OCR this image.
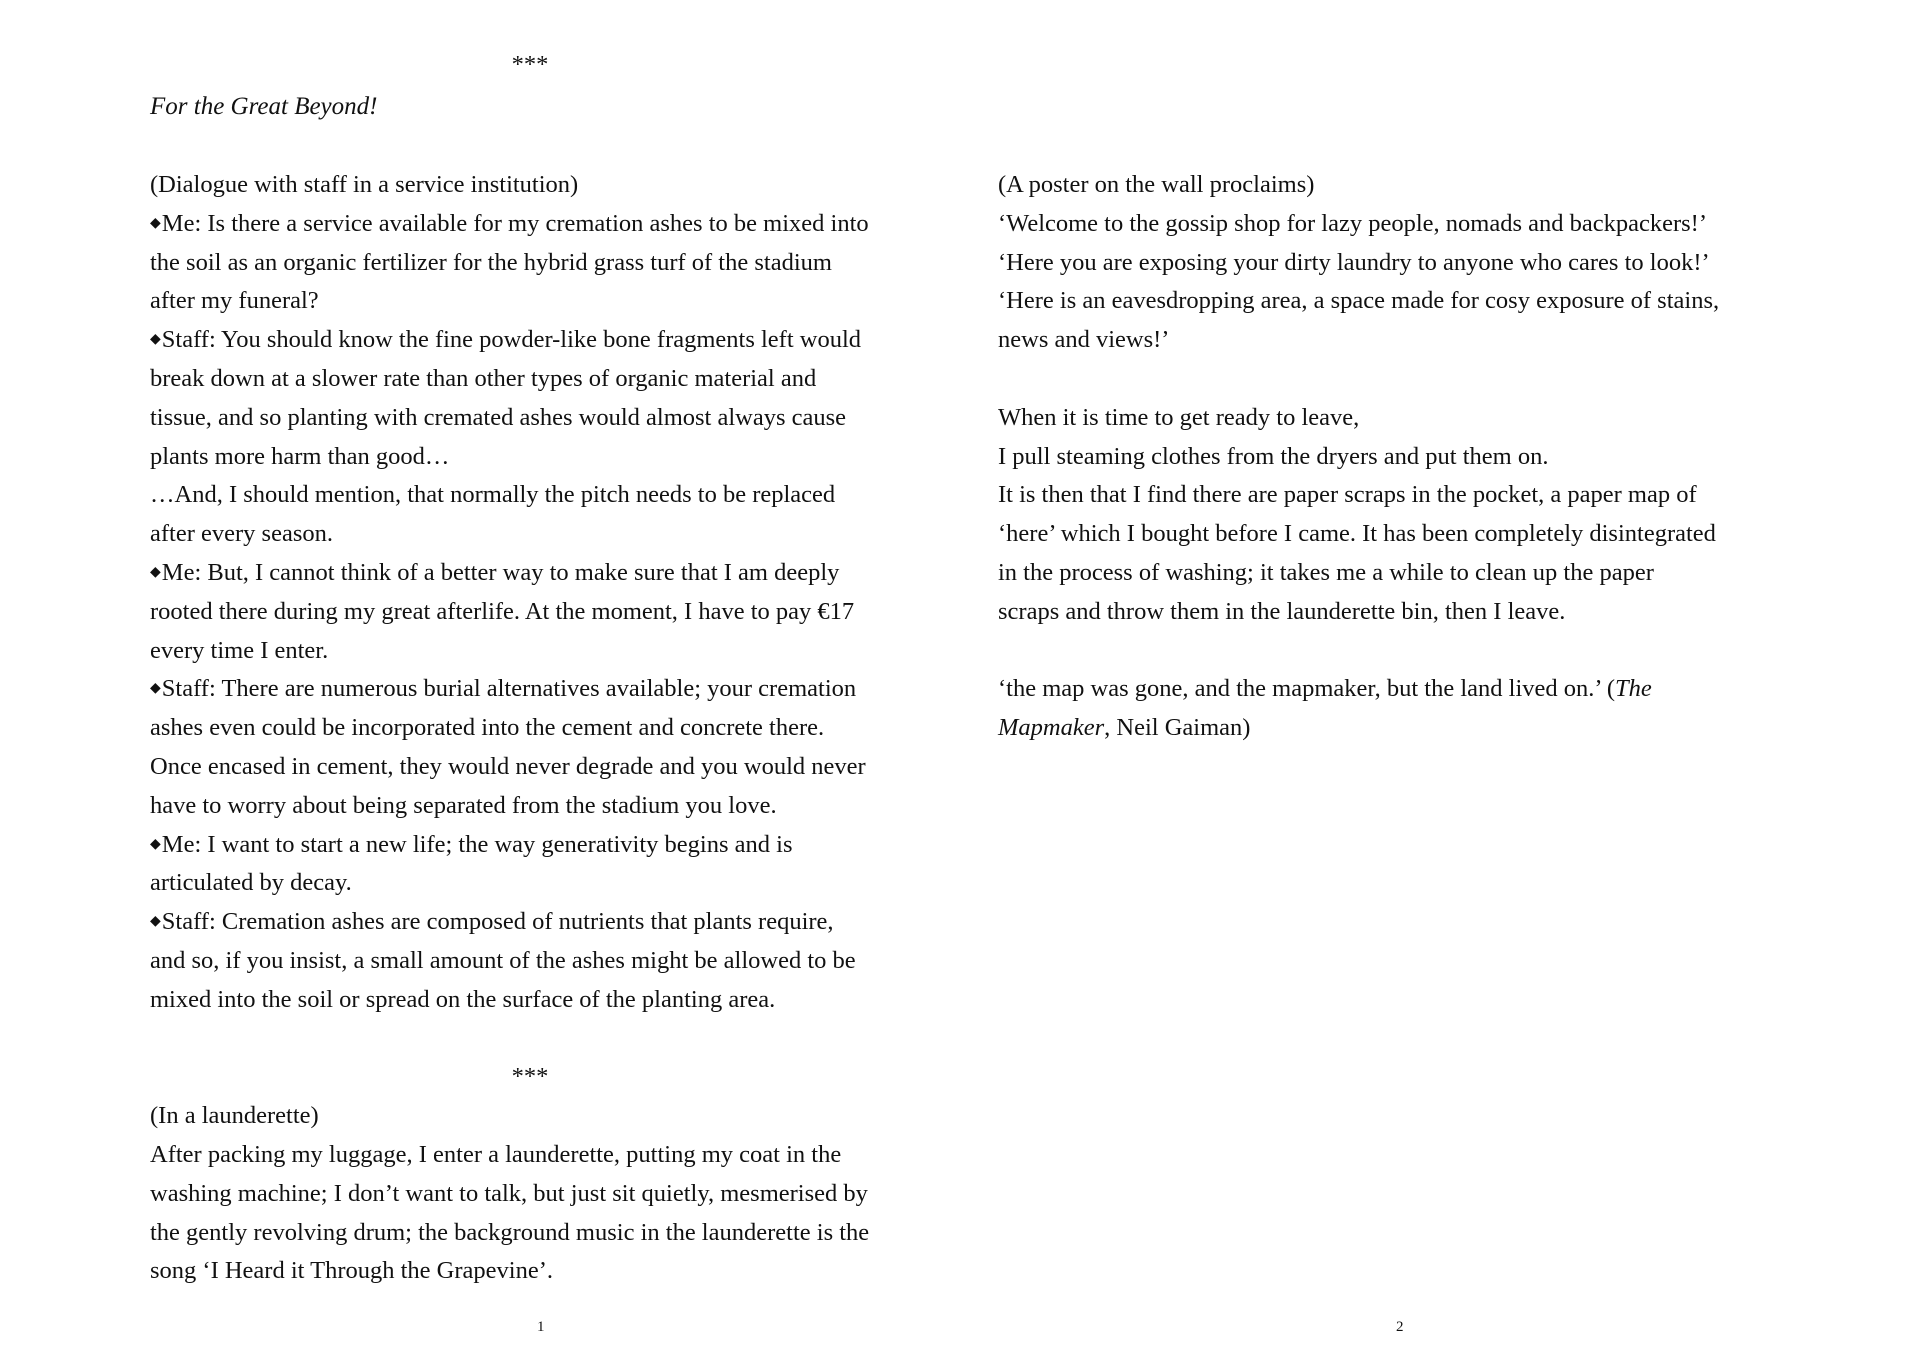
***
For the Great Beyond!
(Dialogue with staff in a service institution)
◆Me: Is there a service available for my cremation ashes to be mixed into
the soil as an organic fertilizer for the hybrid grass turf of the stadium
after my funeral?
◆Staff: You should know the fine powder-like bone fragments left would
break down at a slower rate than other types of organic material and
tissue, and so planting with cremated ashes would almost always cause
plants more harm than good…
…And, I should mention, that normally the pitch needs to be replaced
after every season.
◆Me: But, I cannot think of a better way to make sure that I am deeply
rooted there during my great afterlife. At the moment, I have to pay €17
every time I enter.
◆Staff: There are numerous burial alternatives available; your cremation
ashes even could be incorporated into the cement and concrete there.
Once encased in cement, they would never degrade and you would never
have to worry about being separated from the stadium you love.
◆Me: I want to start a new life; the way generativity begins and is
articulated by decay.
◆Staff: Cremation ashes are composed of nutrients that plants require,
and so, if you insist, a small amount of the ashes might be allowed to be
mixed into the soil or spread on the surface of the planting area.
***
(In a launderette)
After packing my luggage, I enter a launderette, putting my coat in the
washing machine; I don’t want to talk, but just sit quietly, mesmerised by
the gently revolving drum; the background music in the launderette is the
song ‘I Heard it Through the Grapevine’.
1
(A poster on the wall proclaims)
‘Welcome to the gossip shop for lazy people, nomads and backpackers!’
‘Here you are exposing your dirty laundry to anyone who cares to look!’
‘Here is an eavesdropping area, a space made for cosy exposure of stains,
news and views!’
When it is time to get ready to leave,
I pull steaming clothes from the dryers and put them on.
It is then that I find there are paper scraps in the pocket, a paper map of
‘here’ which I bought before I came. It has been completely disintegrated
in the process of washing; it takes me a while to clean up the paper
scraps and throw them in the launderette bin, then I leave.
‘the map was gone, and the mapmaker, but the land lived on.’ (The
Mapmaker, Neil Gaiman)
2
